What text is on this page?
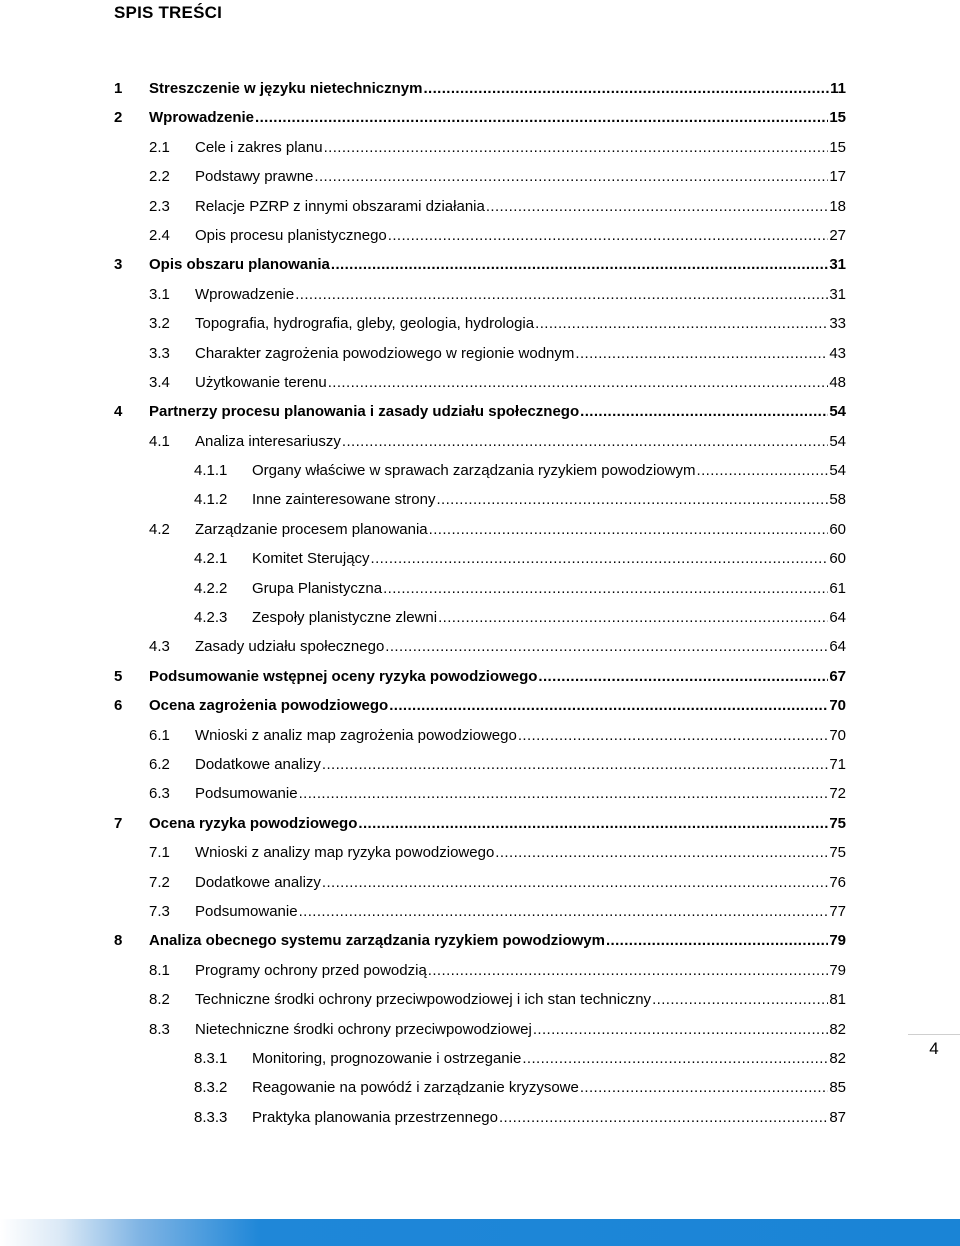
SPIS TREŚCI
1	Streszczenie w języku nietechnicznym .....	11
2	Wprowadzenie .....	15
2.1	Cele i zakres planu .....	15
2.2	Podstawy prawne .....	17
2.3	Relacje PZRP z innymi obszarami działania .....	18
2.4	Opis procesu planistycznego .....	27
3	Opis obszaru planowania .....	31
3.1	Wprowadzenie .....	31
3.2	Topografia, hydrografia, gleby, geologia, hydrologia .....	33
3.3	Charakter zagrożenia powodziowego w regionie wodnym .....	43
3.4	Użytkowanie terenu .....	48
4	Partnerzy procesu planowania i zasady udziału społecznego .....	54
4.1	Analiza interesariuszy .....	54
4.1.1	Organy właściwe w sprawach zarządzania ryzykiem powodziowym .....	54
4.1.2	Inne zainteresowane strony .....	58
4.2	Zarządzanie procesem planowania .....	60
4.2.1	Komitet Sterujący .....	60
4.2.2	Grupa Planistyczna .....	61
4.2.3	Zespoły planistyczne zlewni .....	64
4.3	Zasady udziału społecznego .....	64
5	Podsumowanie wstępnej oceny ryzyka powodziowego .....	67
6	Ocena zagrożenia powodziowego .....	70
6.1	Wnioski z analiz map zagrożenia powodziowego .....	70
6.2	Dodatkowe analizy .....	71
6.3	Podsumowanie .....	72
7	Ocena ryzyka powodziowego .....	75
7.1	Wnioski z analizy map ryzyka powodziowego .....	75
7.2	Dodatkowe analizy .....	76
7.3	Podsumowanie .....	77
8	Analiza obecnego systemu zarządzania ryzykiem powodziowym .....	79
8.1	Programy ochrony przed powodzią .....	79
8.2	Techniczne środki ochrony przeciwpowodziowej i ich stan techniczny .....	81
8.3	Nietechniczne środki ochrony przeciwpowodziowej .....	82
8.3.1	Monitoring, prognozowanie i ostrzeganie .....	82
8.3.2	Reagowanie na powódź i zarządzanie kryzysowe .....	85
8.3.3	Praktyka planowania przestrzennego .....	87
4
